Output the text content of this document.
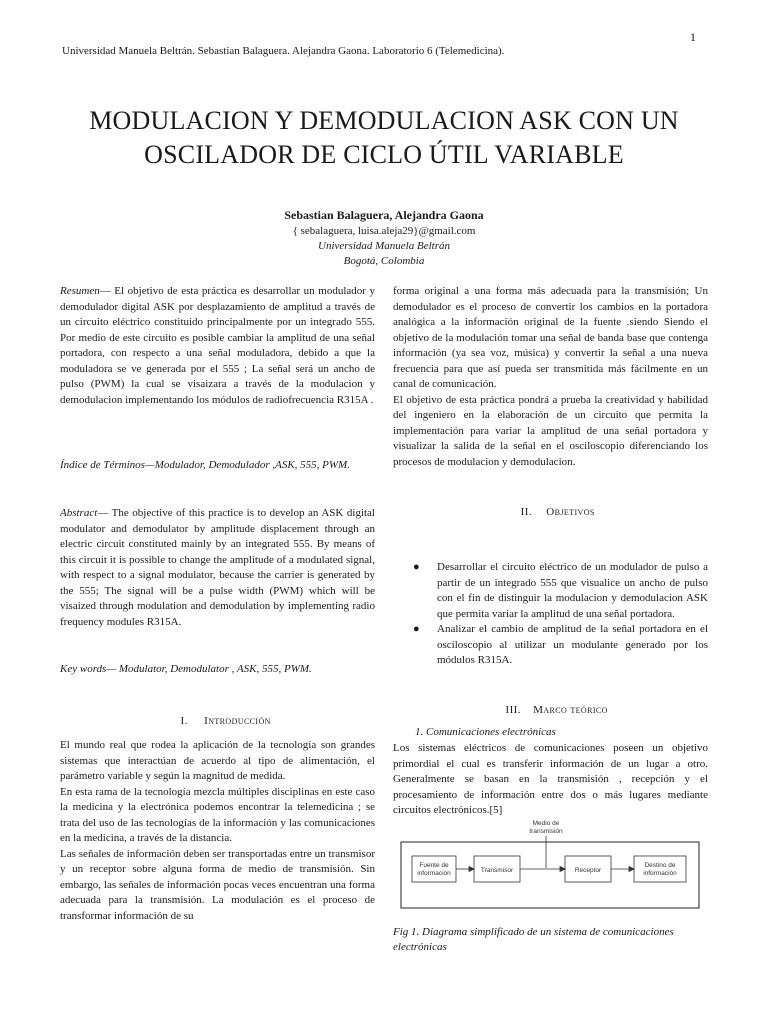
1
Universidad Manuela Beltrán. Sebastian Balaguera. Alejandra Gaona. Laboratorio 6 (Telemedicina).
MODULACION Y DEMODULACION ASK CON UN
OSCILADOR DE CICLO ÚTIL VARIABLE
Sebastian Balaguera, Alejandra Gaona
{ sebalaguera, luisa.aleja29}@gmail.com
Universidad Manuela Beltrán
Bogotá, Colombia

Resumen— El objetivo de esta práctica es desarrollar un modulador y demodulador digital ASK por desplazamiento de amplitud a través de un circuito eléctrico constituido principalmente por un integrado 555. Por medio de este circuito es posible cambiar la amplitud de una señal portadora, con respecto a una señal moduladora, debido a que la moduladora se ve generada por el 555 ; La señal será un ancho de pulso (PWM) la cual se visaizara a través de la modulacion y demodulacion implementando los módulos de radiofrecuencia R315A .

Índice de Términos—Modulador, Demodulador ,ASK, 555, PWM.

Abstract— The objective of this practice is to develop an ASK digital modulator and demodulator by amplitude displacement through an electric circuit constituted mainly by an integrated 555. By means of this circuit it is possible to change the amplitude of a modulated signal, with respect to a signal modulator, because the carrier is generated by the 555; The signal will be a pulse width (PWM) which will be visaized through modulation and demodulation by implementing radio frequency modules R315A.

Key words— Modulator, Demodulator , ASK, 555, PWM.
I. Introducción

El mundo real que rodea la aplicación de la tecnología son grandes sistemas que interactúan de acuerdo al tipo de alimentación, el parámetro variable y según la magnitud de medida.

En esta rama de la tecnología mezcla múltiples disciplinas en este caso la medicina y la electrónica podemos encontrar la telemedicina ; se trata del uso de las tecnologías de la información y las comunicaciones en la medicina, a través de la distancia.

Las señales de información deben ser transportadas entre un transmisor y un receptor sobre alguna forma de medio de transmisión. Sin embargo, las señales de información pocas veces encuentran una forma adecuada para la transmisión. La modulación es el proceso de transformar información de su

forma original a una forma más adecuada para la transmisión; Un demodulador es el proceso de convertir los cambios en la portadora analógica a la información original de la fuente .siendo Siendo el objetivo de la modulación tomar una señal de banda base que contenga información (ya sea voz, música) y convertir la señal a una nueva frecuencia para que así pueda ser transmitida más fácilmente en un canal de comunicación.

El objetivo de esta práctica pondrá a prueba la creatividad y habilidad del ingeniero en la elaboración de un circuito que permita la implementación para variar la amplitud de una señal portadora y visualizar la salida de la señal en el osciloscopio diferenciando los procesos de modulacion y demodulacion.

II. Objetivos
● Desarrollar el circuito eléctrico de un modulador de pulso a partir de un integrado 555 que visualice un ancho de pulso con el fin de distinguir la modulacion y demodulacion ASK que permita variar la amplitud de una señal portadora.
● Analizar el cambio de amplitud de la señal portadora en el osciloscopio al utilizar un modulante generado por los módulos R315A.
III. Marco teórico
1. Comunicaciones electrónicas
Los sistemas eléctricos de comunicaciones poseen un objetivo primordial el cual es transferir información de un lugar a otro. Generalmente se basan en la transmisión , recepción y el procesamiento de información entre dos o más lugares mediante circuitos electrónicos.[5]
Medio de
transmisión
Fuente de
información	Transmisor	Receptor
Destino de
información
Fig 1. Diagrama simplificado de un sistema de comunicaciones electrónicas
